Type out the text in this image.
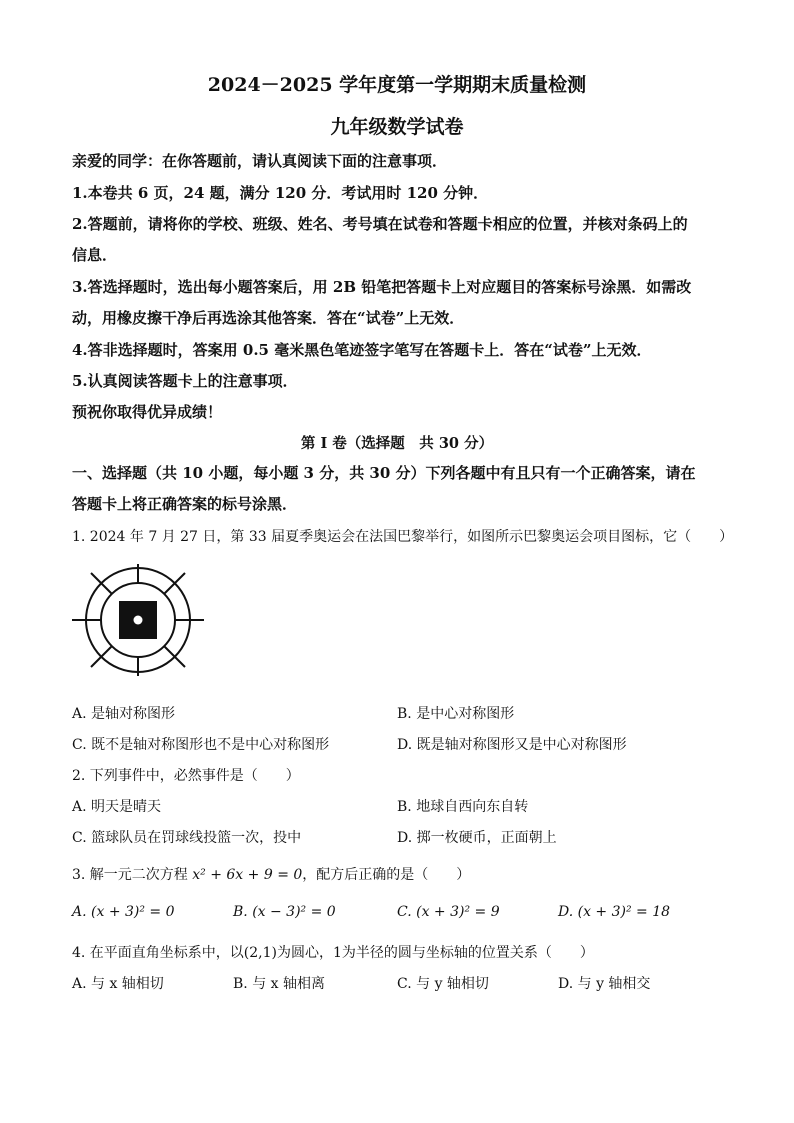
2024－2025 学年度第一学期期末质量检测
九年级数学试卷
亲爱的同学：在你答题前，请认真阅读下面的注意事项．
1.本卷共 6 页，24 题，满分 120 分．考试用时 120 分钟．
2.答题前，请将你的学校、班级、姓名、考号填在试卷和答题卡相应的位置，并核对条码上的
信息．
3.答选择题时，选出每小题答案后，用 2B 铅笔把答题卡上对应题目的答案标号涂黑．如需改
动，用橡皮擦干净后再选涂其他答案．答在“试卷”上无效．
4.答非选择题时，答案用 0.5 毫米黑色笔迹签字笔写在答题卡上．答在“试卷”上无效．
5.认真阅读答题卡上的注意事项．
预祝你取得优异成绩！
第 I 卷（选择题　共 30 分）
一、选择题（共 10 小题，每小题 3 分，共 30 分）下列各题中有且只有一个正确答案，请在
答题卡上将正确答案的标号涂黑．
1. 2024 年 7 月 27 日，第 33 届夏季奥运会在法国巴黎举行，如图所示巴黎奥运会项目图标，它（　　）
A. 是轴对称图形	B. 是中心对称图形
C. 既不是轴对称图形也不是中心对称图形	D. 既是轴对称图形又是中心对称图形
2. 下列事件中，必然事件是（　　）
A. 明天是晴天	B. 地球自西向东自转
C. 篮球队员在罚球线投篮一次，投中	D. 掷一枚硬币，正面朝上
3. 解一元二次方程 x² + 6x + 9 = 0，配方后正确的是（　　）
A. (x + 3)² = 0	B. (x − 3)² = 0	C. (x + 3)² = 9	D. (x + 3)² = 18
4. 在平面直角坐标系中，以(2,1)为圆心，1为半径的圆与坐标轴的位置关系（　　）
A. 与 x 轴相切	B. 与 x 轴相离	C. 与 y 轴相切	D. 与 y 轴相交
